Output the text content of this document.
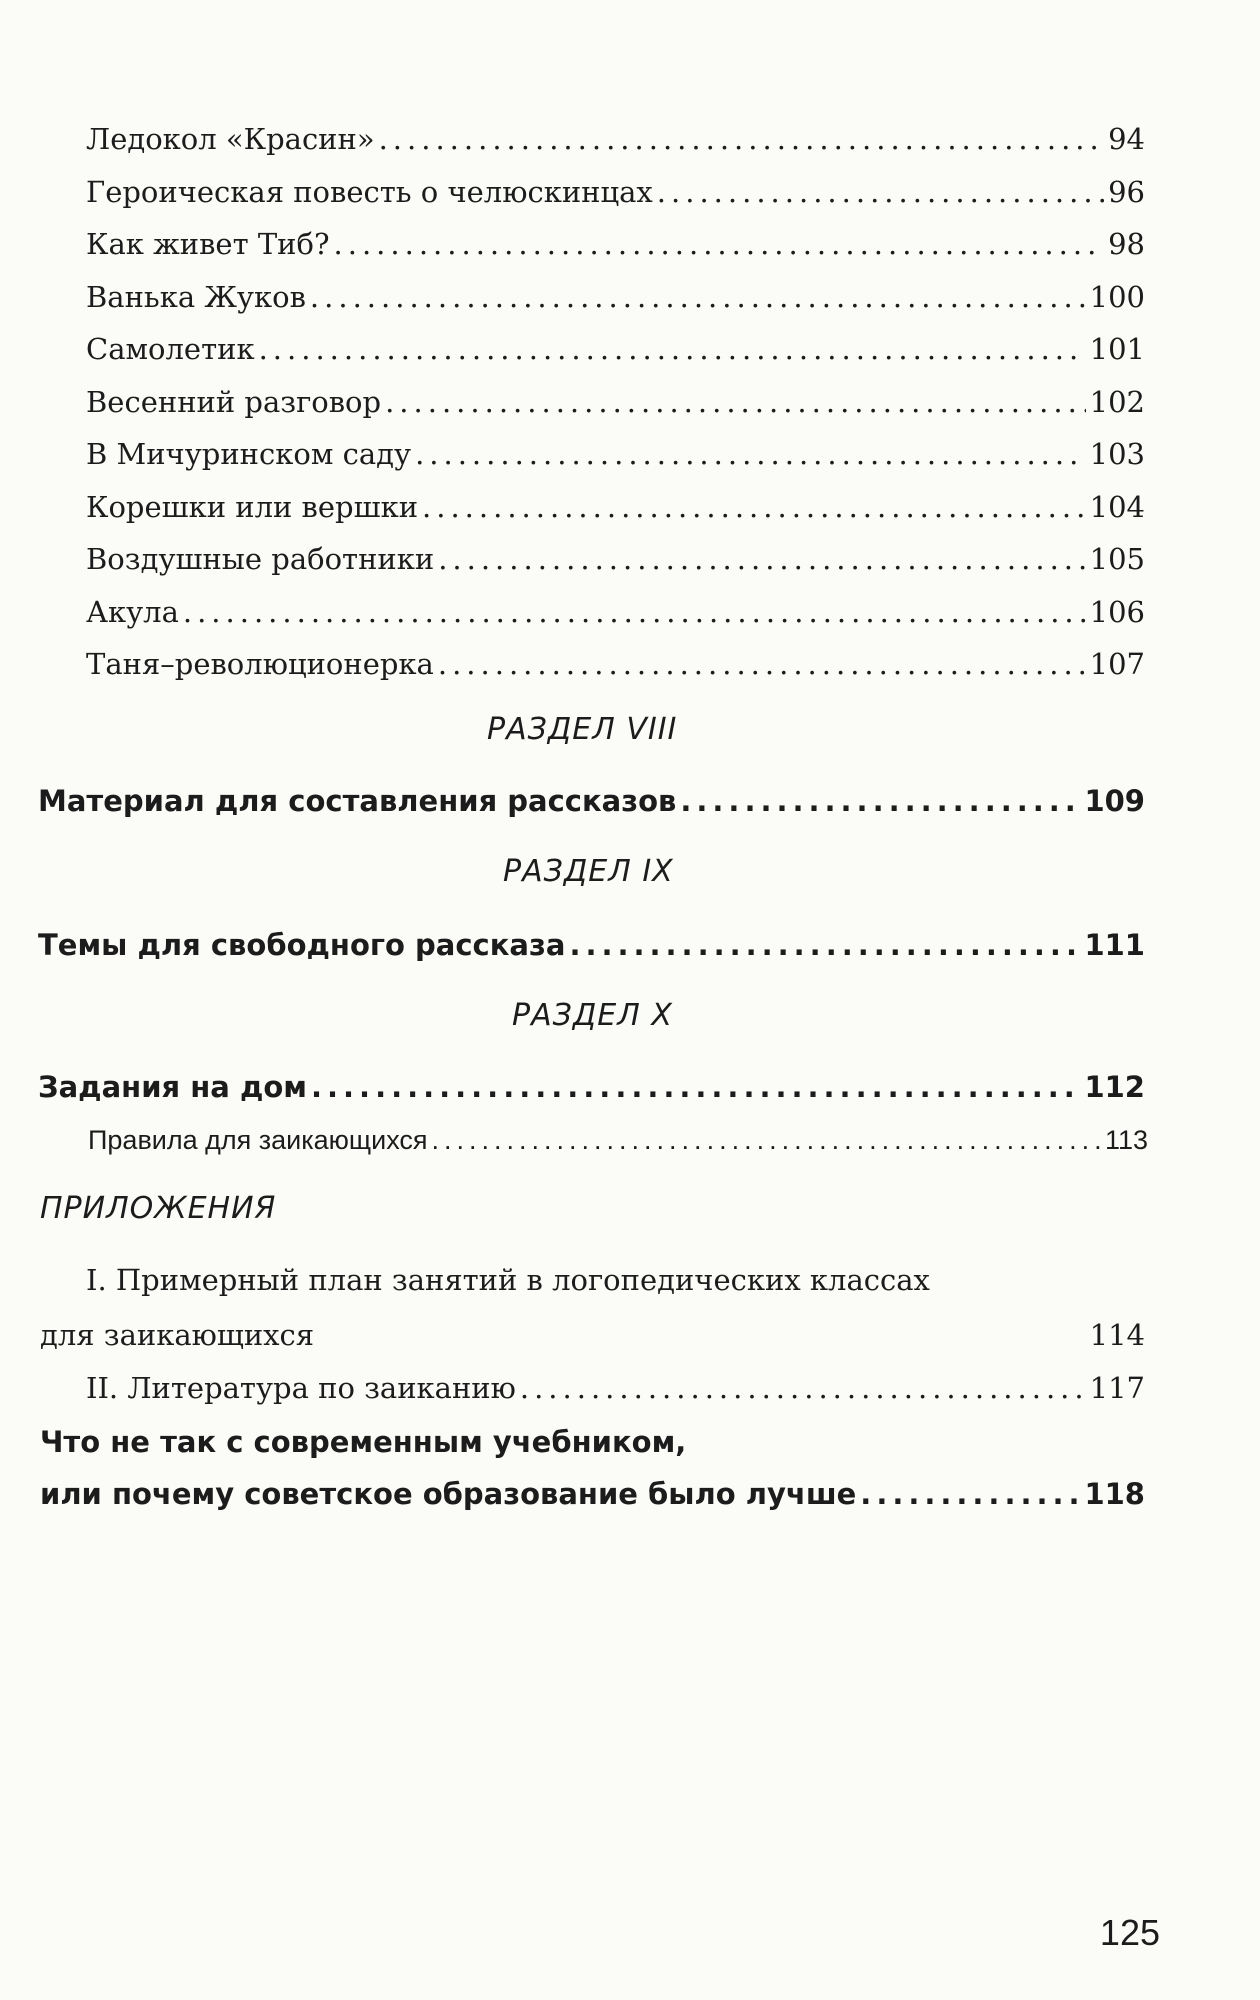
Ледокол «Красин» .....	94
Героическая повесть о челюскинцах .....	96
Как живет Тиб? .....	98
Ванька Жуков .....	100
Самолетик .....	101
Весенний разговор .....	102
В Мичуринском саду .....	103
Корешки или вершки .....	104
Воздушные работники .....	105
Акула .....	106
Таня–революционерка .....	107
РАЗДЕЛ VIII
Материал для составления рассказов .....	109
РАЗДЕЛ IX
Темы для свободного рассказа .....	111
РАЗДЕЛ X
Задания на дом .....	112
Правила для заикающихся .....	113
ПРИЛОЖЕНИЯ
I. Примерный план занятий в логопедических классах
для заикающихся	114
II. Литература по заиканию .....	117
Что не так с современным учебником,
или почему советское образование было лучше .....	118
125
